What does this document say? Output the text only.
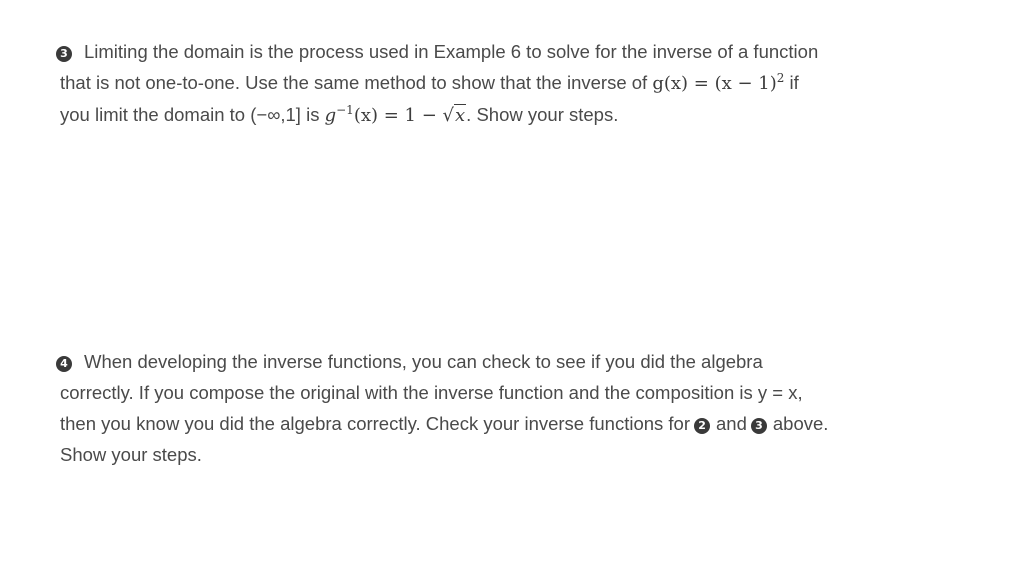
3 Limiting the domain is the process used in Example 6 to solve for the inverse of a function
that is not one-to-one. Use the same method to show that the inverse of $g(x) = (x - 1)^2$ if
you limit the domain to (−∞,1] is $g^{-1}(x) = 1 - √x$. Show your steps.
4 When developing the inverse functions, you can check to see if you did the algebra
correctly. If you compose the original with the inverse function and the composition is y = x,
then you know you did the algebra correctly. Check your inverse functions for 2 and 3 above.
Show your steps.
